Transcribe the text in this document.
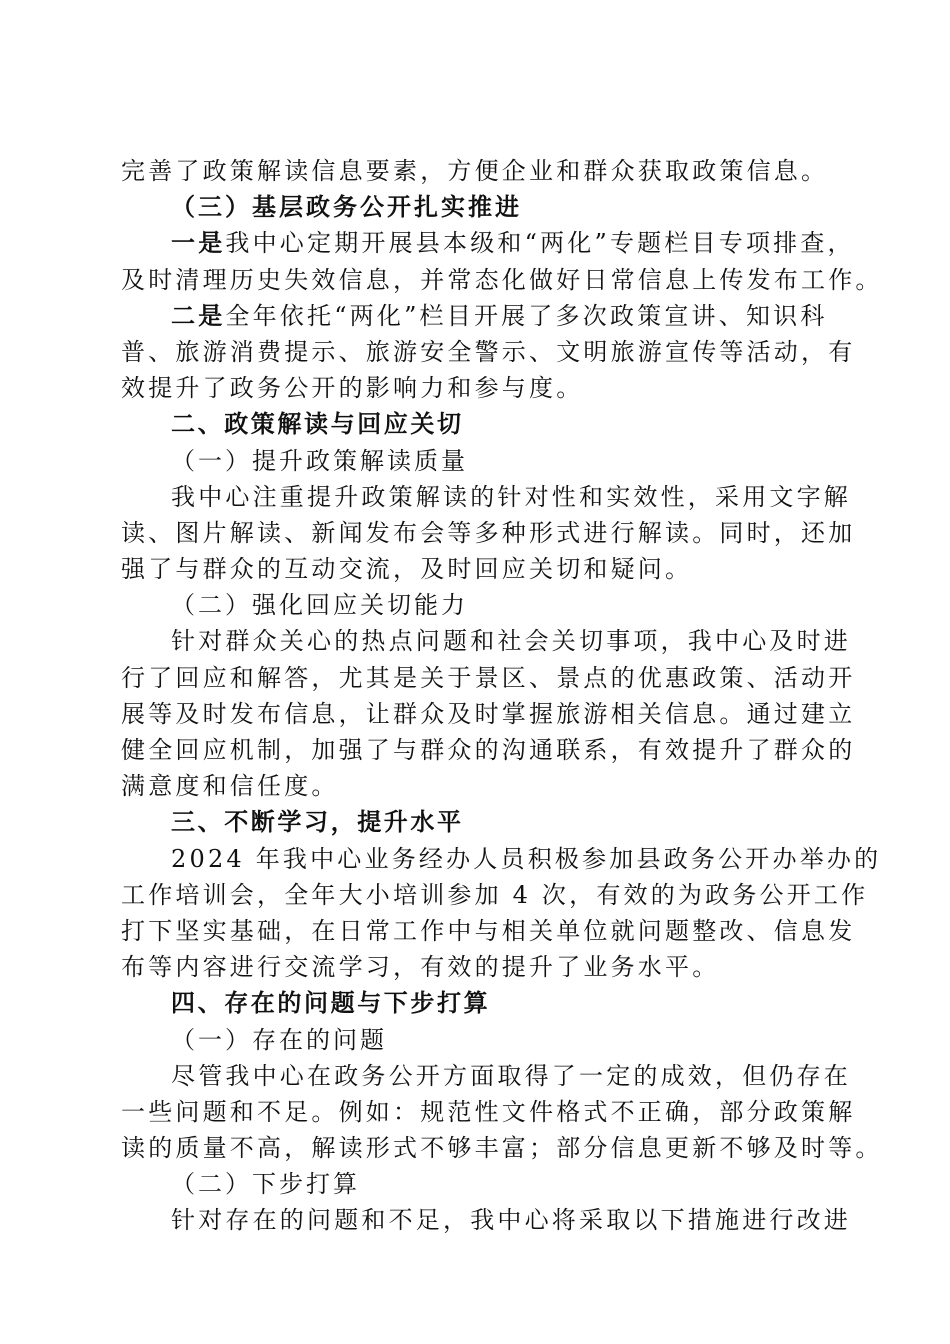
完善了政策解读信息要素，方便企业和群众获取政策信息。
（三）基层政务公开扎实推进
一是我中心定期开展县本级和“两化”专题栏目专项排查，
及时清理历史失效信息，并常态化做好日常信息上传发布工作。
二是全年依托“两化”栏目开展了多次政策宣讲、知识科
普、旅游消费提示、旅游安全警示、文明旅游宣传等活动，有
效提升了政务公开的影响力和参与度。
二、政策解读与回应关切
（一）提升政策解读质量
我中心注重提升政策解读的针对性和实效性，采用文字解
读、图片解读、新闻发布会等多种形式进行解读。同时，还加
强了与群众的互动交流，及时回应关切和疑问。
（二）强化回应关切能力
针对群众关心的热点问题和社会关切事项，我中心及时进
行了回应和解答，尤其是关于景区、景点的优惠政策、活动开
展等及时发布信息，让群众及时掌握旅游相关信息。通过建立
健全回应机制，加强了与群众的沟通联系，有效提升了群众的
满意度和信任度。
三、不断学习，提升水平
2024 年我中心业务经办人员积极参加县政务公开办举办的
工作培训会，全年大小培训参加 4 次，有效的为政务公开工作
打下坚实基础，在日常工作中与相关单位就问题整改、信息发
布等内容进行交流学习，有效的提升了业务水平。
四、存在的问题与下步打算
（一）存在的问题
尽管我中心在政务公开方面取得了一定的成效，但仍存在
一些问题和不足。例如：规范性文件格式不正确，部分政策解
读的质量不高，解读形式不够丰富；部分信息更新不够及时等。
（二）下步打算
针对存在的问题和不足，我中心将采取以下措施进行改进
